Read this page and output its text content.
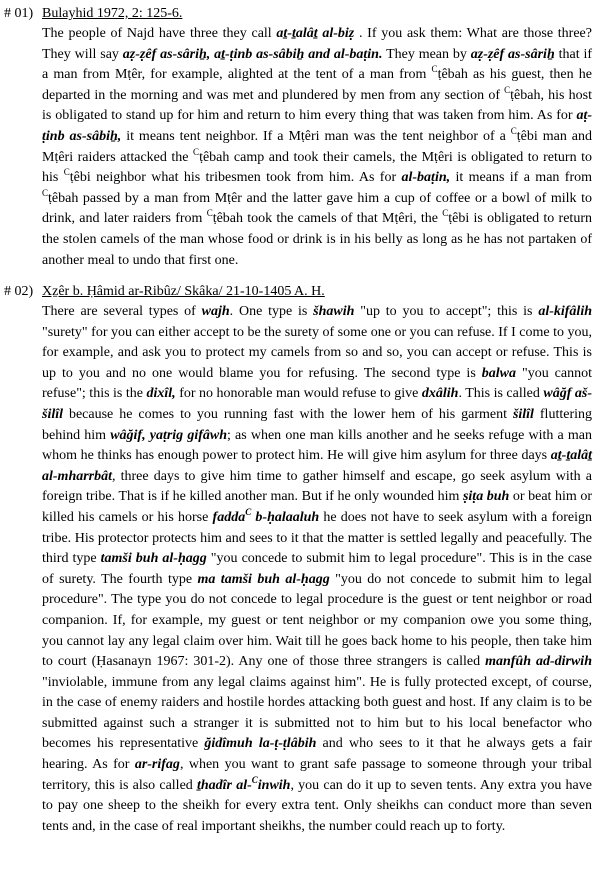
# 01) Bulayhid 1972, 2: 125-6.
The people of Najd have three they call aṯ-ṯalâṯ al-biẓ . If you ask them: What are those three? They will say aẓ-ẓêf as-sârih̠, aṯ-ṭinb as-sâbih̠ and al-baṭin. They mean by aẓ-ẓêf as-sârih̠ that if a man from Mṭêr, for example, alighted at the tent of a man from $^C$ṭêbah as his guest, then he departed in the morning and was met and plundered by men from any section of $^C$ṭêbah, his host is obligated to stand up for him and return to him every thing that was taken from him. As for aṭ-ṭinb as-sâbih̠, it means tent neighbor. If a Mṭêri man was the tent neighbor of a $^C$ṭêbi man and Mṭêri raiders attacked the $^C$ṭêbah camp and took their camels, the Mṭêri is obligated to return to his $^C$ṭêbi neighbor what his tribesmen took from him. As for al-baṭin, it means if a man from $^C$ṭêbah passed by a man from Mṭêr and the latter gave him a cup of coffee or a bowl of milk to drink, and later raiders from $^C$ṭêbah took the camels of that Mṭêri, the $^C$ṭêbi is obligated to return the stolen camels of the man whose food or drink is in his belly as long as he has not partaken of another meal to undo that first one.
# 02) Xẕêr b. Ḥâmid ar-Ribûz/ Skâka/ 21-10-1405 A. H.
There are several types of wajh. One type is šhawih "up to you to accept"; this is al-kifâlih "surety" for you can either accept to be the surety of some one or you can refuse. If I come to you, for example, and ask you to protect my camels from so and so, you can accept or refuse. This is up to you and no one would blame you for refusing. The second type is balwa "you cannot refuse"; this is the dixîl, for no honorable man would refuse to give dxâlih. This is called wâğf aš-šilîl because he comes to you running fast with the lower hem of his garment šilîl fluttering behind him wâğif, yaṭrig gifâwh; as when one man kills another and he seeks refuge with a man whom he thinks has enough power to protect him. He will give him asylum for three days aṯ-ṯalâṯ al-mharrbât, three days to give him time to gather himself and escape, go seek asylum with a foreign tribe. That is if he killed another man. But if he only wounded him ṣiṭa buh or beat him or killed his camels or his horse fadda$^C$ b-ḥalaaluh he does not have to seek asylum with a foreign tribe. His protector protects him and sees to it that the matter is settled legally and peacefully. The third type tamši buh al-ḥagg "you concede to submit him to legal procedure". This is in the case of surety. The fourth type ma tamši buh al-ḥagg "you do not concede to submit him to legal procedure". The type you do not concede to legal procedure is the guest or tent neighbor or road companion. If, for example, my guest or tent neighbor or my companion owe you some thing, you cannot lay any legal claim over him. Wait till he goes back home to his people, then take him to court (Ḥasanayn 1967: 301-2). Any one of those three strangers is called manfûh ad-dirwih "inviolable, immune from any legal claims against him". He is fully protected except, of course, in the case of enemy raiders and hostile hordes attacking both guest and host. If any claim is to be submitted against such a stranger it is submitted not to him but to his local benefactor who becomes his representative ğidîmuh la-ṭ-ṭlâbih and who sees to it that he always gets a fair hearing. As for ar-rifag, when you want to grant safe passage to someone through your tribal territory, this is also called ṯhadîr al-$^C$inwih, you can do it up to seven tents. Any extra you have to pay one sheep to the sheikh for every extra tent. Only sheikhs can conduct more than seven tents and, in the case of real important sheikhs, the number could reach up to forty.
